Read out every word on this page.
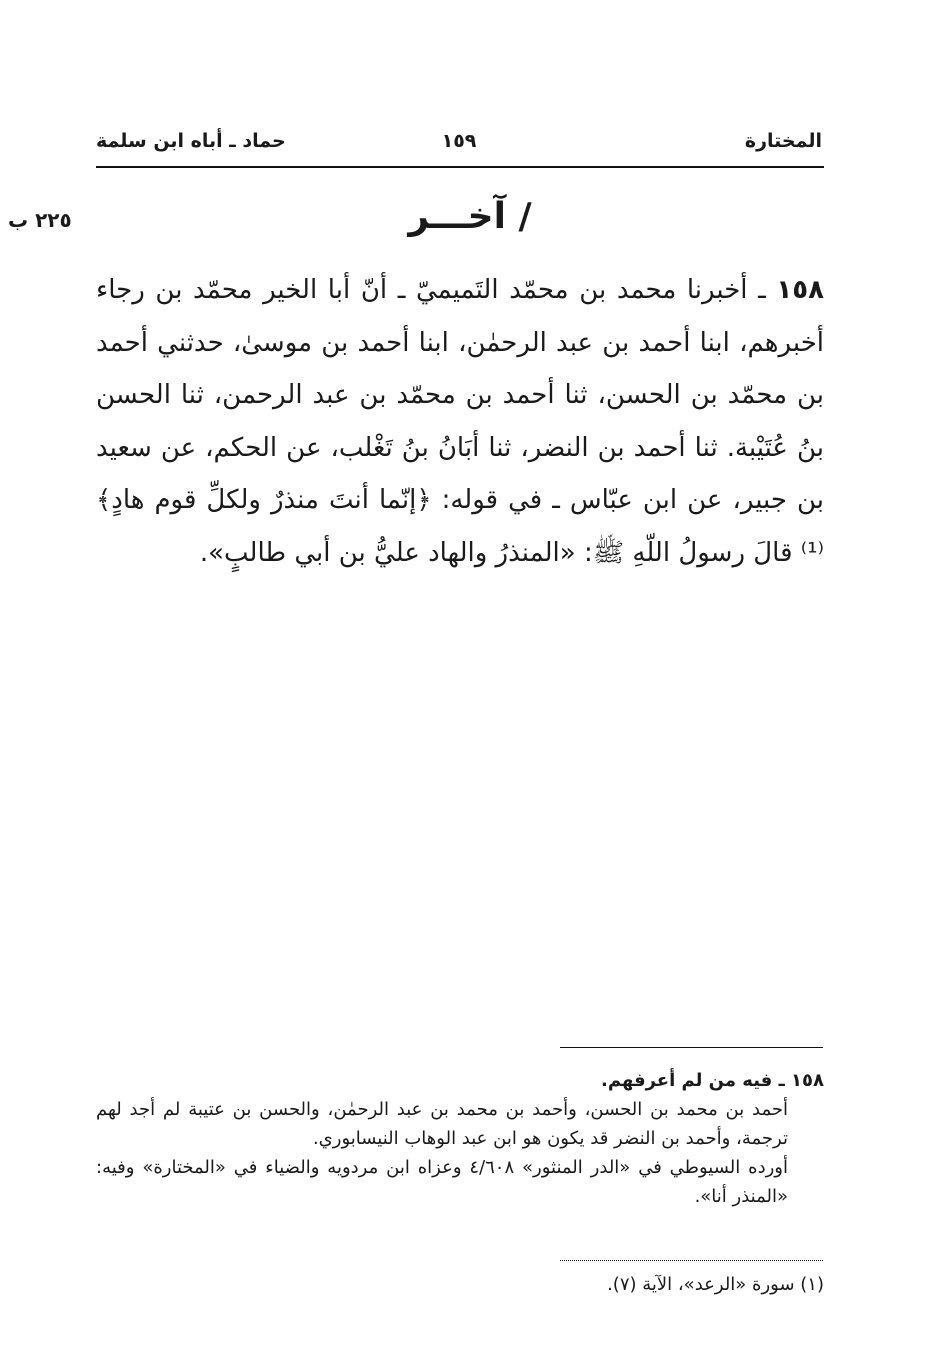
المختارة
١٥٩
حماد ـ أباه ابن سلمة
٢٢٥ ب	/ آخـــر
١٥٨ ـ أخبرنا محمد بن محمّد التَميميّ ـ أنّ أبا الخير محمّد بن رجاء أخبرهم، ابنا أحمد بن عبد الرحمٰن، ابنا أحمد بن موسىٰ، حدثني أحمد بن محمّد بن الحسن، ثنا أحمد بن محمّد بن عبد الرحمن، ثنا الحسن بنُ عُتَيْبة. ثنا أحمد بن النضر، ثنا أبَانُ بنُ تَغْلب، عن الحكم، عن سعيد بن جبير، عن ابن عبّاس ـ في قوله: ﴿إنّما أنتَ منذرٌ ولكلِّ قوم هادٍ﴾⁽¹⁾ قالَ رسولُ اللّهِ ﷺ: «المنذرُ والهاد عليُّ بن أبي طالبٍ».
١٥٨ ـ فيه من لم أعرفهم.
أحمد بن محمد بن الحسن، وأحمد بن محمد بن عبد الرحمٰن، والحسن بن عتيبة لم أجد لهم ترجمة، وأحمد بن النضر قد يكون هو ابن عبد الوهاب النيسابوري.
أورده السيوطي في «الدر المنثور» ٤/٦٠٨ وعزاه ابن مردويه والضياء في «المختارة» وفيه: «المنذر أنا».
(١) سورة «الرعد»، الآية (٧).
